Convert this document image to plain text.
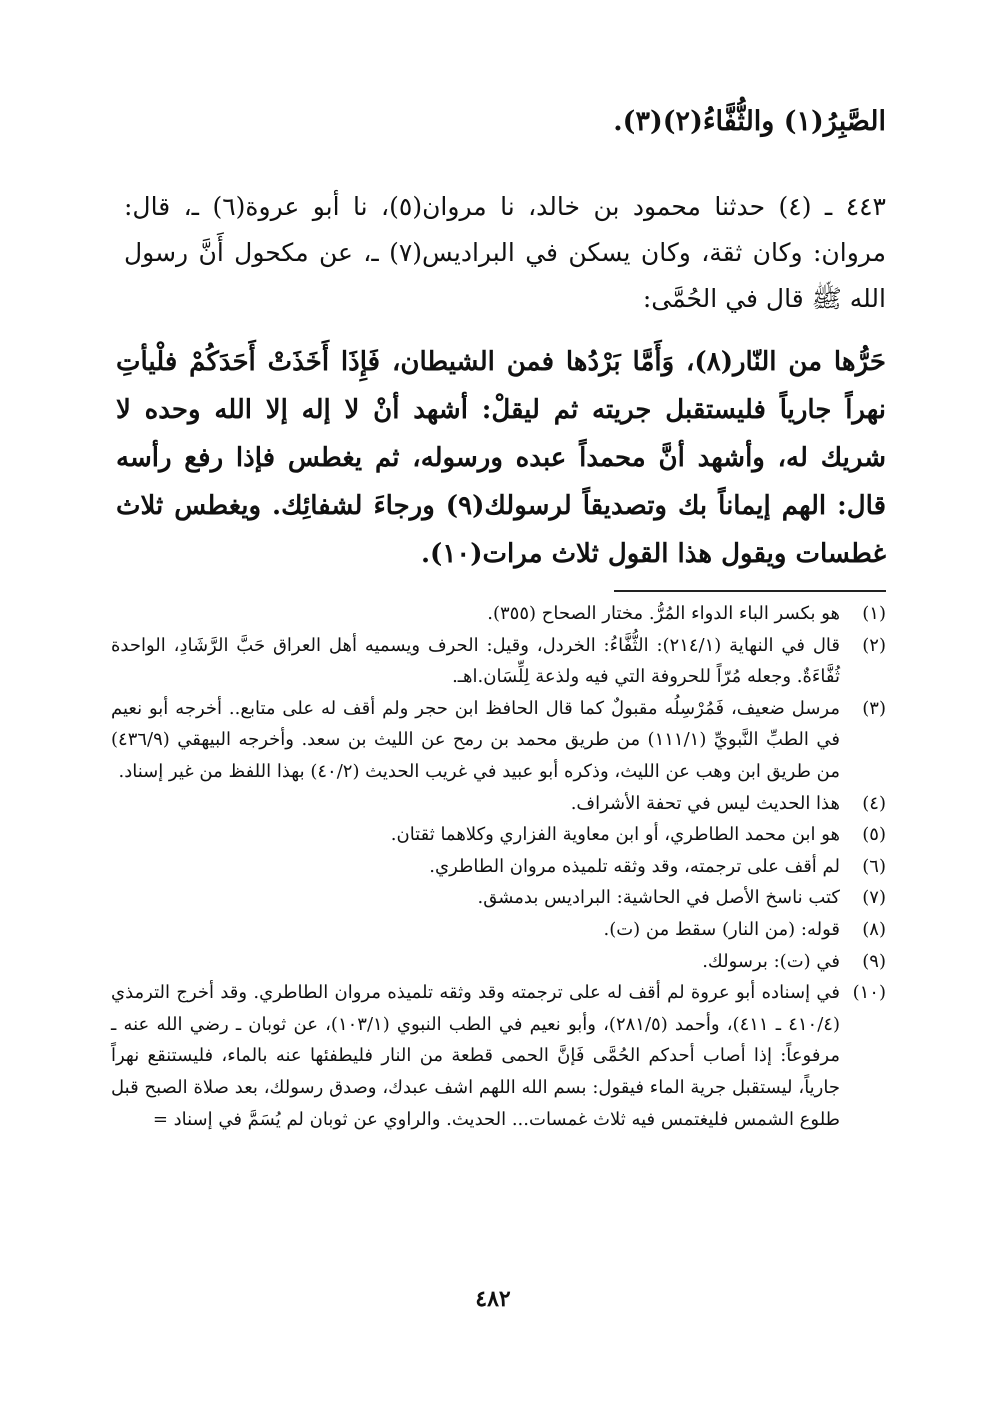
الصَّبِرُ(١) والثُّفَّاءُ(٢)(٣).
٤٤٣ ـ (٤) حدثنا محمود بن خالد، نا مروان(٥)، نا أبو عروة(٦) ـ، قال: مروان: وكان ثقة، وكان يسكن في البراديس(٧) ـ، عن مكحول أَنَّ رسول الله ﷺ قال في الحُمَّى:
حَرُّها من النّار(٨)، وَأَمَّا بَرْدُها فمن الشيطان، فَإِذَا أَخَذَتْ أَحَدَكُمْ فلْيأتِ نهراً جارياً فليستقبل جريته ثم ليقلْ: أشهد أنْ لا إله إلا الله وحده لا شريك له، وأشهد أنَّ محمداً عبده ورسوله، ثم يغطس فإذا رفع رأسه قال: الهم إيماناً بك وتصديقاً لرسولك(٩) ورجاءَ لشفائِك. ويغطس ثلاث غطسات ويقول هذا القول ثلاث مرات(١٠).
(١)
هو بكسر الباء الدواء المُرُّ. مختار الصحاح (٣٥٥).
(٢)
قال في النهاية (٢١٤/١): الثُّفَّاءُ: الخردل، وقيل: الحرف ويسميه أهل العراق حَبَّ الرَّشَادِ، الواحدة ثُفَّاءَةٌ. وجعله مُرّاً للحروفة التي فيه ولذعة لِلِّسَان.اهـ.
(٣)
مرسل ضعيف، فَمُرْسِلُه مقبولٌ كما قال الحافظ ابن حجر ولم أقف له على متابع.. أخرجه أبو نعيم في الطبِّ النَّبويِّ (١١١/١) من طريق محمد بن رمح عن الليث بن سعد. وأخرجه البيهقي (٤٣٦/٩) من طريق ابن وهب عن الليث، وذكره أبو عبيد في غريب الحديث (٤٠/٢) بهذا اللفظ من غير إسناد.
(٤)
هذا الحديث ليس في تحفة الأشراف.
(٥)
هو ابن محمد الطاطري، أو ابن معاوية الفزاري وكلاهما ثقتان.
(٦)
لم أقف على ترجمته، وقد وثقه تلميذه مروان الطاطري.
(٧)
كتب ناسخ الأصل في الحاشية: البراديس بدمشق.
(٨)
قوله: (من النار) سقط من (ت).
(٩)
في (ت): برسولك.
(١٠)
في إسناده أبو عروة لم أقف له على ترجمته وقد وثقه تلميذه مروان الطاطري. وقد أخرج الترمذي (٤١٠/٤ ـ ٤١١)، وأحمد (٢٨١/٥)، وأبو نعيم في الطب النبوي (١٠٣/١)، عن ثوبان ـ رضي الله عنه ـ مرفوعاً: إذا أصاب أحدكم الحُمَّى فَإنَّ الحمى قطعة من النار فليطفئها عنه بالماء، فليستنقع نهراً جارياً، ليستقبل جرية الماء فيقول: بسم الله اللهم اشف عبدك، وصدق رسولك، بعد صلاة الصبح قبل طلوع الشمس فليغتمس فيه ثلاث غمسات... الحديث. والراوي عن ثوبان لم يُسَمَّ في إسناد =
٤٨٢
